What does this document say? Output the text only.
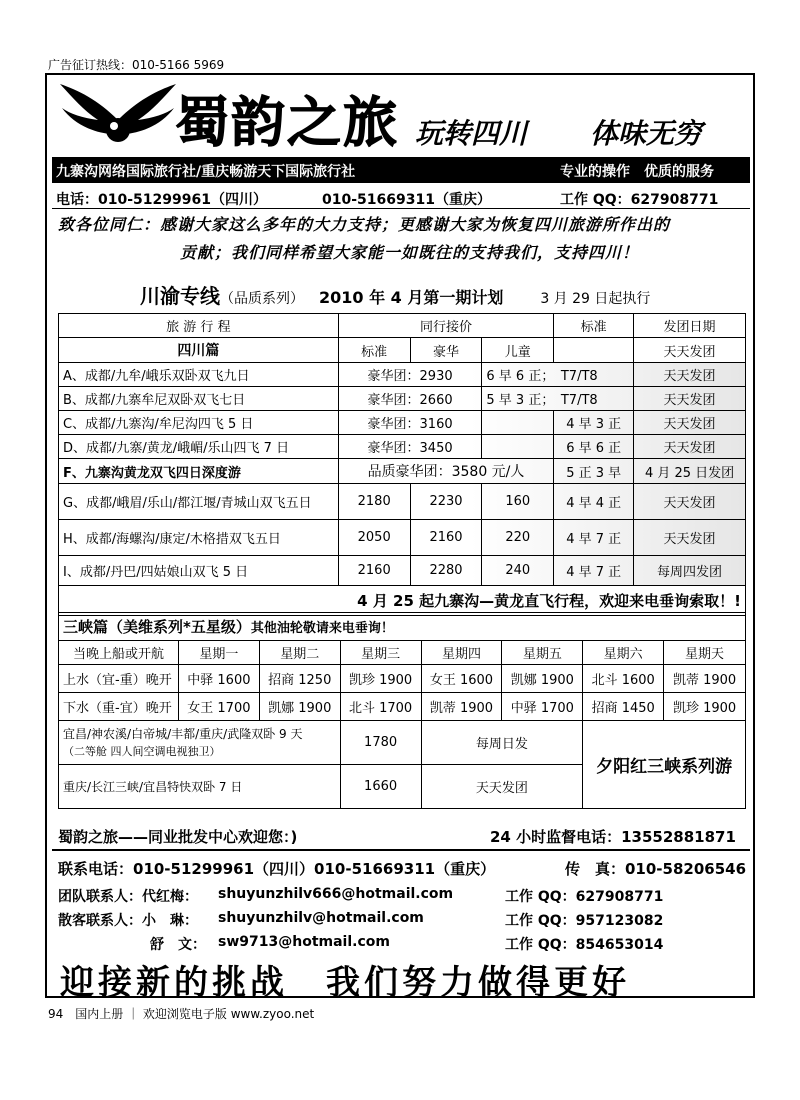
广告征订热线：010-5166 5969
蜀韵之旅 玩转四川 体味无穷
九寨沟网络国际旅行社/重庆畅游天下国际旅行社	专业的操作　优质的服务
电话：010-51299961（四川）	010-51669311（重庆）	工作 QQ：627908771
致各位同仁：感谢大家这么多年的大力支持；更感谢大家为恢复四川旅游所作出的
贡献；我们同样希望大家能一如既往的支持我们，支持四川！
川渝专线（品质系列） 2010 年 4 月第一期计划	3 月 29 日起执行
旅 游 行 程	同行接价			标准	发团日期
四川篇	标准	豪华	儿童		天天发团
A、成都/九牟/峨乐双卧双飞九日	豪华团：2930		6 早 6 正；　 T7/T8		天天发团
B、成都/九寨牟尼双卧双飞七日	豪华团：2660		5 早 3 正；　 T7/T8		天天发团
C、成都/九寨沟/牟尼沟四飞 5 日	豪华团：3160			4 早 3 正	天天发团
D、成都/九寨/黄龙/峨嵋/乐山四飞 7 日	豪华团：3450			6 早 6 正	天天发团
F、九寨沟黄龙双飞四日深度游	品质豪华团：3580 元/人			5 正 3 早	4 月 25 日发团
G、成都/峨眉/乐山/都江堰/青城山双飞五日	2180	2230	160	4 早 4 正	天天发团
H、成都/海螺沟/康定/木格措双飞五日	2050	2160	220	4 早 7 正	天天发团
I、成都/丹巴/四姑娘山双飞 5 日	2160	2280	240	4 早 7 正	每周四发团
4 月 25 起九寨沟—黄龙直飞行程，欢迎来电垂询索取！!					
三峡篇（美维系列*五星级）其他油轮敬请来电垂询！							
当晚上船或开航	星期一	星期二	星期三	星期四	星期五	星期六	星期天
上水（宜-重）晚开	中驿 1600	招商 1250	凯珍 1900	女王 1600	凯娜 1900	北斗 1600	凯蒂 1900
下水（重-宜）晚开	女王 1700	凯娜 1900	北斗 1700	凯蒂 1900	中驿 1700	招商 1450	凯珍 1900

宜昌/神农溪/白帝城/丰都/重庆/武隆双卧 9 天
（二等舱 四人间空调电视独卫）			1780	每周日发		夕阳红三峡系列游	
重庆/长江三峡/宜昌特快双卧 7 日			1660	天天发团			
蜀韵之旅——同业批发中心欢迎您：)	24 小时监督电话：13552881871
联系电话：010-51299961（四川）010-51669311（重庆）	传　真：010-58206546
团队联系人：代红梅： shuyunzhilv666@hotmail.com	工作 QQ：627908771
散客联系人：小　琳： shuyunzhilv@hotmail.com	工作 QQ：957123082
舒　文： sw9713@hotmail.com	工作 QQ：854653014
迎接新的挑战　我们努力做得更好
94　国内上册 ｜ 欢迎浏览电子版 www.zyoo.net
